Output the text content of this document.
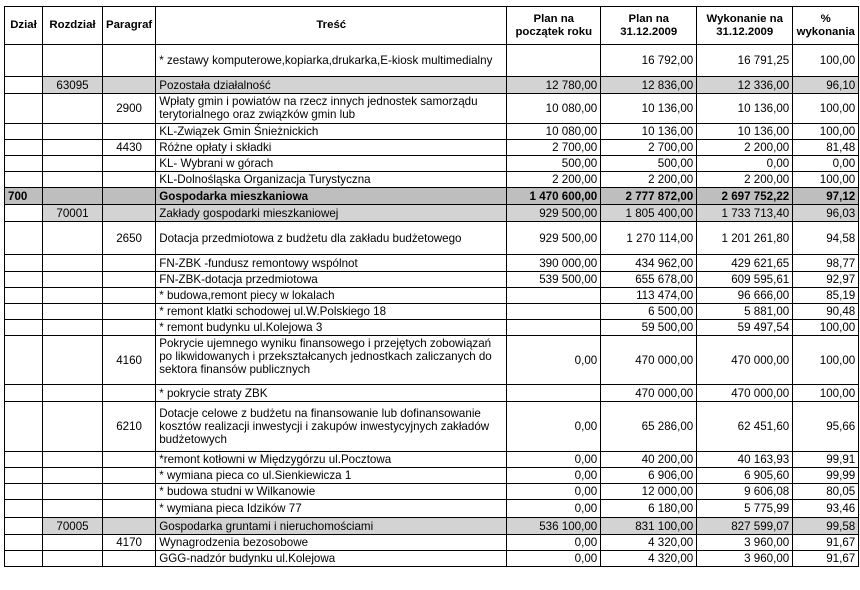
Dział	Rozdział	Paragraf	Treść	Plan na początek roku	Plan na 31.12.2009	Wykonanie na 31.12.2009	% wykonania
			* zestawy komputerowe,kopiarka,drukarka,E-kiosk multimedialny		16 792,00	16 791,25	100,00
	63095		Pozostała działalność	12 780,00	12 836,00	12 336,00	96,10
		2900	Wpłaty gmin i powiatów na rzecz innych jednostek samorządu terytorialnego oraz związków gmin lub	10 080,00	10 136,00	10 136,00	100,00
			KL-Związek Gmin Śnieżnickich	10 080,00	10 136,00	10 136,00	100,00
		4430	Różne opłaty i składki	2 700,00	2 700,00	2 200,00	81,48
			KL- Wybrani w górach	500,00	500,00	0,00	0,00
			KL-Dolnośląska Organizacja Turystyczna	2 200,00	2 200,00	2 200,00	100,00
700			Gospodarka mieszkaniowa	1 470 600,00	2 777 872,00	2 697 752,22	97,12
	70001		Zakłady gospodarki mieszkaniowej	929 500,00	1 805 400,00	1 733 713,40	96,03
		2650	Dotacja przedmiotowa z budżetu dla zakładu budżetowego	929 500,00	1 270 114,00	1 201 261,80	94,58
			FN-ZBK -fundusz remontowy wspólnot	390 000,00	434 962,00	429 621,65	98,77
			FN-ZBK-dotacja przedmiotowa	539 500,00	655 678,00	609 595,61	92,97
			* budowa,remont piecy w lokalach		113 474,00	96 666,00	85,19
			* remont klatki schodowej ul.W.Polskiego 18		6 500,00	5 881,00	90,48
			* remont budynku ul.Kolejowa 3		59 500,00	59 497,54	100,00
		4160	Pokrycie ujemnego wyniku finansowego i przejętych zobowiązań po likwidowanych i przekształcanych jednostkach zaliczanych do sektora finansów publicznych	0,00	470 000,00	470 000,00	100,00
			* pokrycie straty ZBK		470 000,00	470 000,00	100,00
		6210	Dotacje celowe z budżetu na finansowanie lub dofinansowanie kosztów realizacji inwestycji i zakupów inwestycyjnych zakładów budżetowych	0,00	65 286,00	62 451,60	95,66
			*remont kotłowni w Międzygórzu ul.Pocztowa	0,00	40 200,00	40 163,93	99,91
			* wymiana pieca co ul.Sienkiewicza 1	0,00	6 906,00	6 905,60	99,99
			* budowa studni w Wilkanowie	0,00	12 000,00	9 606,08	80,05
			* wymiana pieca Idzików 77	0,00	6 180,00	5 775,99	93,46
	70005		Gospodarka gruntami i nieruchomościami	536 100,00	831 100,00	827 599,07	99,58
		4170	Wynagrodzenia bezosobowe	0,00	4 320,00	3 960,00	91,67
			GGG-nadzór budynku ul.Kolejowa	0,00	4 320,00	3 960,00	91,67
